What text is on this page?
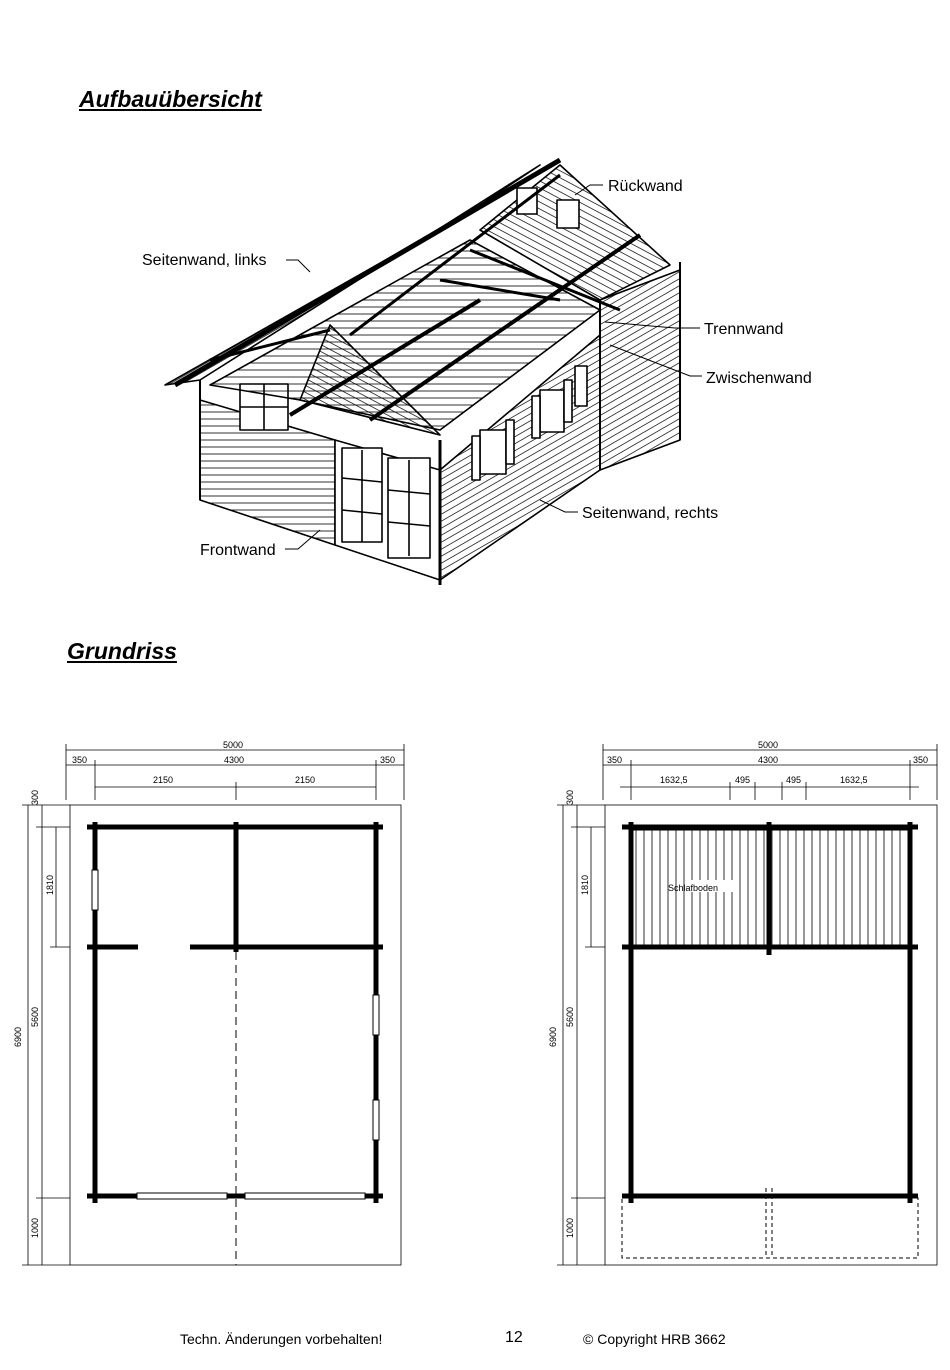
Aufbauübersicht
Grundriss
Rückwand
Seitenwand, links
Trennwand
Zwischenwand
Seitenwand, rechts
Frontwand
5000
350	4300	350
2150	2150
6900
300
1810
5600
1000
Schlafboden
5000
350	4300	350
1632,5	495	495	1632,5
6900
300
1810
5600
1000
Techn. Änderungen vorbehalten!	12	© Copyright HRB 3662
